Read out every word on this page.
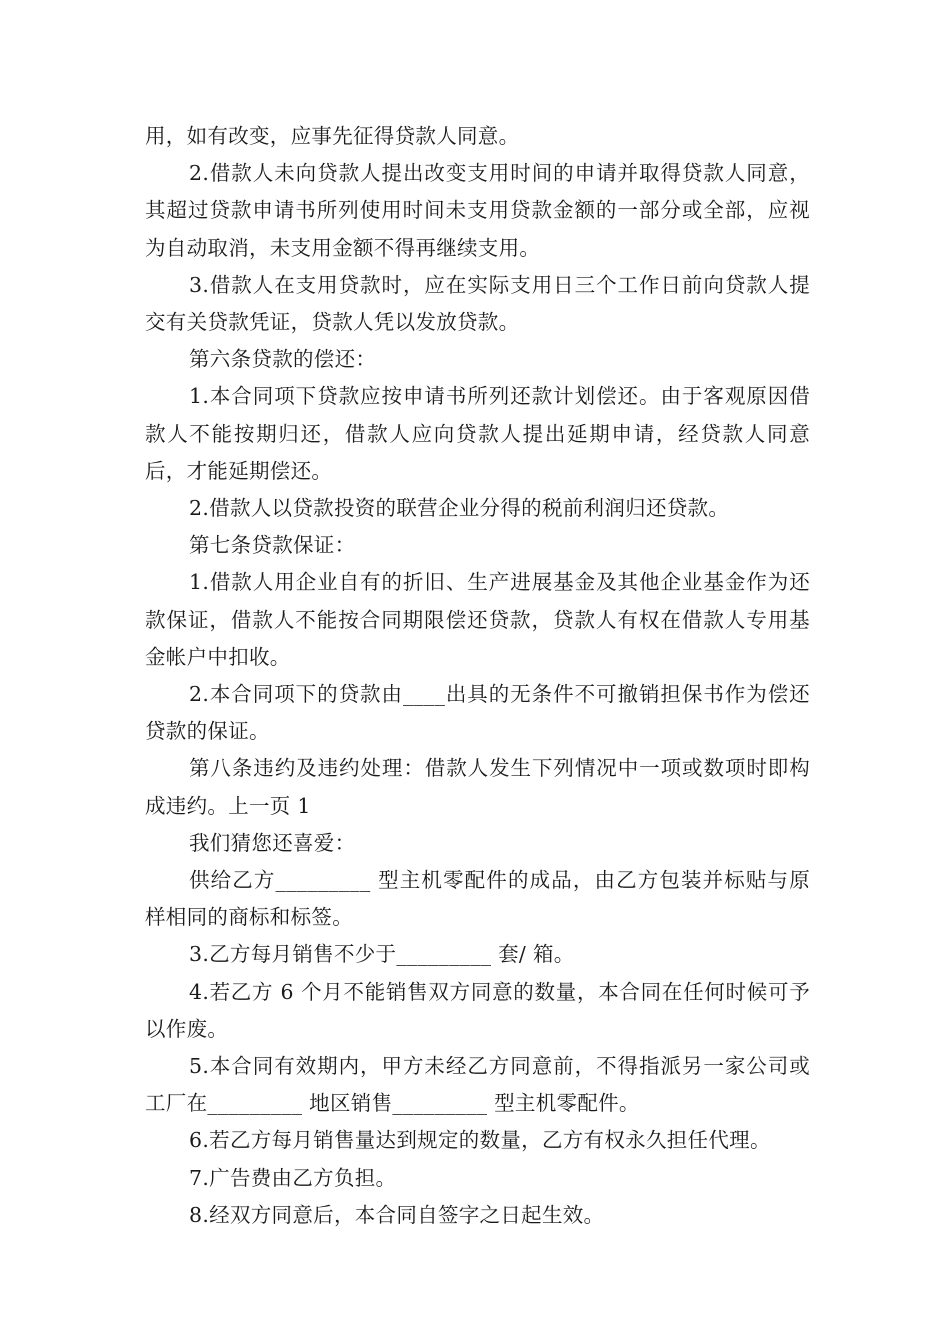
用，如有改变，应事先征得贷款人同意。

2.借款人未向贷款人提出改变支用时间的申请并取得贷款人同意，其超过贷款申请书所列使用时间未支用贷款金额的一部分或全部，应视为自动取消，未支用金额不得再继续支用。

3.借款人在支用贷款时，应在实际支用日三个工作日前向贷款人提交有关贷款凭证，贷款人凭以发放贷款。

第六条贷款的偿还：

1.本合同项下贷款应按申请书所列还款计划偿还。由于客观原因借款人不能按期归还，借款人应向贷款人提出延期申请，经贷款人同意后，才能延期偿还。

2.借款人以贷款投资的联营企业分得的税前利润归还贷款。

第七条贷款保证：

1.借款人用企业自有的折旧、生产进展基金及其他企业基金作为还款保证，借款人不能按合同期限偿还贷款，贷款人有权在借款人专用基金帐户中扣收。

2.本合同项下的贷款由____出具的无条件不可撤销担保书作为偿还贷款的保证。

第八条违约及违约处理：借款人发生下列情况中一项或数项时即构成违约。上一页 1

我们猜您还喜爱：

供给乙方_________ 型主机零配件的成品，由乙方包装并标贴与原样相同的商标和标签。

3.乙方每月销售不少于_________ 套/ 箱。

4.若乙方 6 个月不能销售双方同意的数量，本合同在任何时候可予以作废。

5.本合同有效期内，甲方未经乙方同意前，不得指派另一家公司或工厂在_________ 地区销售_________ 型主机零配件。

6.若乙方每月销售量达到规定的数量，乙方有权永久担任代理。

7.广告费由乙方负担。

8.经双方同意后，本合同自签字之日起生效。
